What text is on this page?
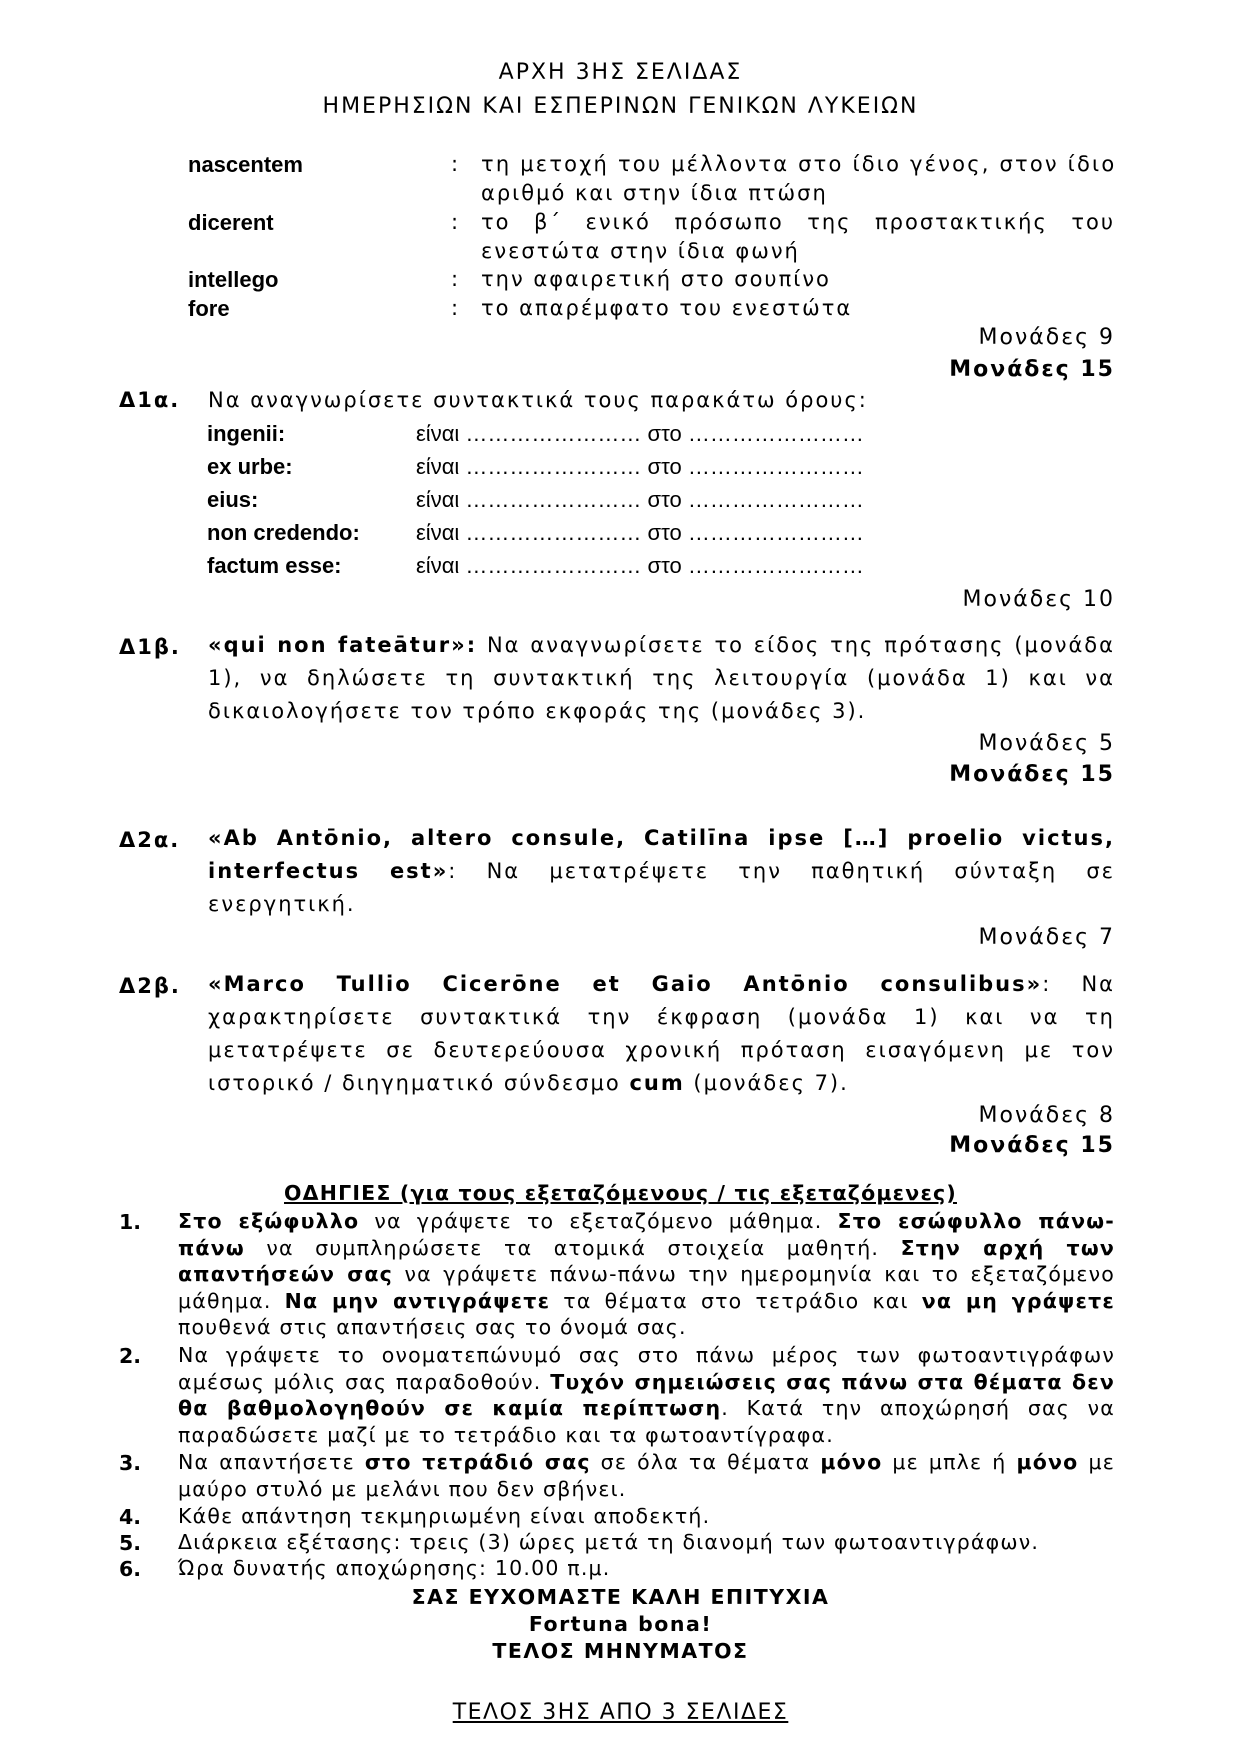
ΑΡΧΗ 3ΗΣ ΣΕΛΙΔΑΣ
ΗΜΕΡΗΣΙΩΝ ΚΑΙ ΕΣΠΕΡΙΝΩΝ ΓΕΝΙΚΩΝ ΛΥΚΕΙΩΝ
nascentem	: τη μετοχή του μέλλοντα στο ίδιο γένος, στον ίδιο
αριθμό και στην ίδια πτώση
dicerent	: το β΄ ενικό πρόσωπο της προστακτικής του
ενεστώτα στην ίδια φωνή
intellego	: την αφαιρετική στο σουπίνο
fore	: το απαρέμφατο του ενεστώτα
Μονάδες 9
Μονάδες 15
Δ1α. Να αναγνωρίσετε συντακτικά τους παρακάτω όρους:
ingenii:	είναι …………………… στο ……………………
ex urbe:	είναι …………………… στο ……………………
eius:	είναι …………………… στο ……………………
non credendo:	είναι …………………… στο ……………………
factum esse:	είναι …………………… στο ……………………
Μονάδες 10
Δ1β. «qui non fateātur»: Να αναγνωρίσετε το είδος της πρότασης (μονάδα 1), να δηλώσετε τη συντακτική της λειτουργία (μονάδα 1) και να δικαιολογήσετε τον τρόπο εκφοράς της (μονάδες 3).
Μονάδες 5
Μονάδες 15
Δ2α. «Ab Antōnio, altero consule, Catilīna ipse […] proelio victus, interfectus est»: Να μετατρέψετε την παθητική σύνταξη σε ενεργητική.
Μονάδες 7
Δ2β. «Marco Tullio Cicerōne et Gaio Antōnio consulibus»: Να χαρακτηρίσετε συντακτικά την έκφραση (μονάδα 1) και να τη μετατρέψετε σε δευτερεύουσα χρονική πρόταση εισαγόμενη με τον ιστορικό / διηγηματικό σύνδεσμο cum (μονάδες 7).
Μονάδες 8
Μονάδες 15
ΟΔΗΓΙΕΣ (για τους εξεταζόμενους / τις εξεταζόμενες)
1. Στο εξώφυλλο να γράψετε το εξεταζόμενο μάθημα. Στο εσώφυλλο πάνω-πάνω να συμπληρώσετε τα ατομικά στοιχεία μαθητή. Στην αρχή των απαντήσεών σας να γράψετε πάνω-πάνω την ημερομηνία και το εξεταζόμενο μάθημα. Να μην αντιγράψετε τα θέματα στο τετράδιο και να μη γράψετε πουθενά στις απαντήσεις σας το όνομά σας.
2. Να γράψετε το ονοματεπώνυμό σας στο πάνω μέρος των φωτοαντιγράφων αμέσως μόλις σας παραδοθούν. Τυχόν σημειώσεις σας πάνω στα θέματα δεν θα βαθμολογηθούν σε καμία περίπτωση. Κατά την αποχώρησή σας να παραδώσετε μαζί με το τετράδιο και τα φωτοαντίγραφα.
3. Να απαντήσετε στο τετράδιό σας σε όλα τα θέματα μόνο με μπλε ή μόνο με μαύρο στυλό με μελάνι που δεν σβήνει.
4. Κάθε απάντηση τεκμηριωμένη είναι αποδεκτή.
5. Διάρκεια εξέτασης: τρεις (3) ώρες μετά τη διανομή των φωτοαντιγράφων.
6. Ώρα δυνατής αποχώρησης: 10.00 π.μ.
ΣΑΣ ΕΥΧΟΜΑΣΤΕ ΚΑΛΗ ΕΠΙΤΥΧΙΑ
Fortuna bona!
ΤΕΛΟΣ ΜΗΝΥΜΑΤΟΣ
ΤΕΛΟΣ 3ΗΣ ΑΠΟ 3 ΣΕΛΙΔΕΣ
